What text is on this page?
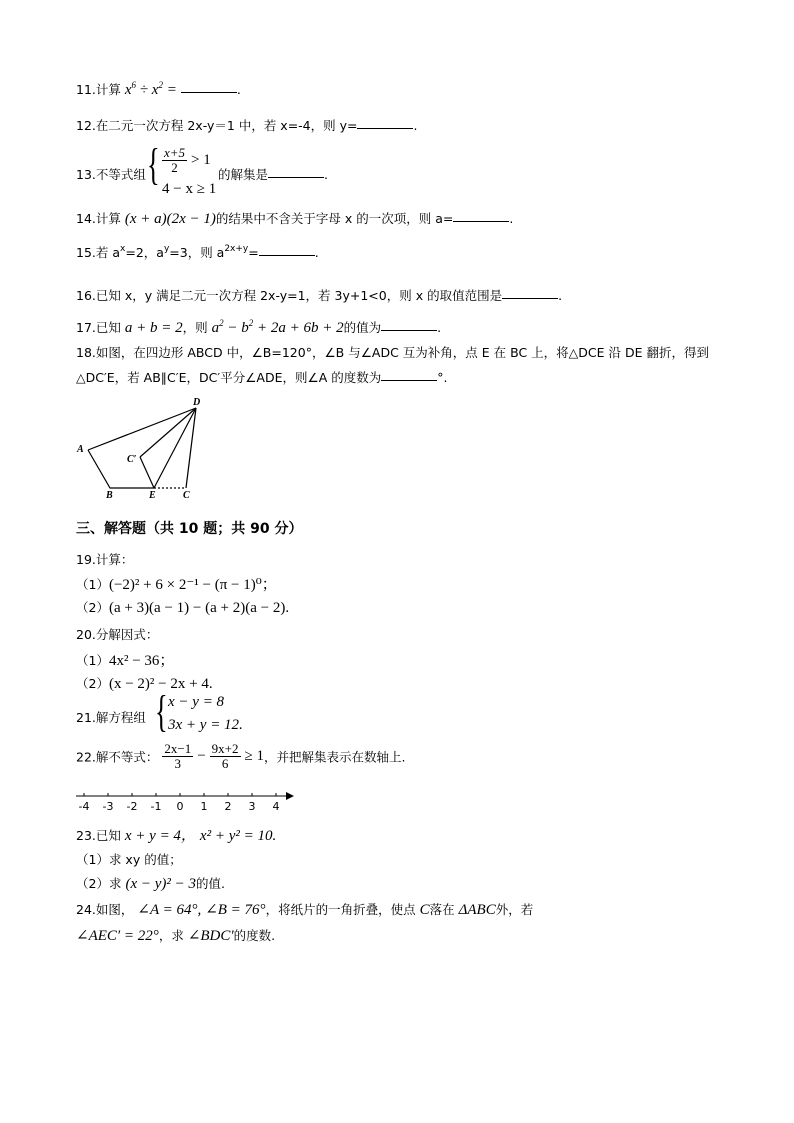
11.计算 $x^6 \div x^2$ =	.
12.在二元一次方程 2x-y＝1 中，若 x=-4，则 y=	.
13.不等式组 { $\frac{x+5}{2} > 1$
4 − x ≥ 1
的解集是	.
14.计算 (x + a)(2x − 1)的结果中不含关于字母 x 的一次项，则 a=	.
15.若 $a^x=2$，$a^y=3$，则 $a^{2x+y}=$	.
16.已知 x，y 满足二元一次方程 2x-y=1，若 3y+1<0，则 x 的取值范围是	.
17.已知 a + b = 2，则 $a^2 - b^2 + 2a + 6b + 2$的值为	.
18.如图，在四边形 ABCD 中，∠B=120°，∠B 与∠ADC 互为补角，点 E 在 BC 上，将△DCE 沿 DE 翻折，得到
△DC′E，若 AB∥C′E，DC′平分∠ADE，则∠A 的度数为	°.
A
B	E	C
D
C′
三、解答题（共 10 题；共 90 分）
19.计算：
（1）(−2)² + 6 × 2⁻¹ − (π − 1)⁰；
（2）(a + 3)(a − 1) − (a + 2)(a − 2).
20.分解因式：
（1）4x² − 36；
（2）(x − 2)² − 2x + 4.
21.解方程组 { x − y = 8
3x + y = 12.
22.解不等式： $\frac{2x-1}{3} - \frac{9x+2}{6} \ge 1$，并把解集表示在数轴上.
-4 -3 -2 -1 0 1 2 3 4
23.已知 x + y = 4， x² + y² = 10.
（1）求 xy 的值；
（2）求 (x − y)² − 3的值.
24.如图， ∠A = 64°, ∠B = 76°，将纸片的一角折叠，使点 C落在 ΔABC外，若
∠AEC′ = 22°，求 ∠BDC′的度数.
